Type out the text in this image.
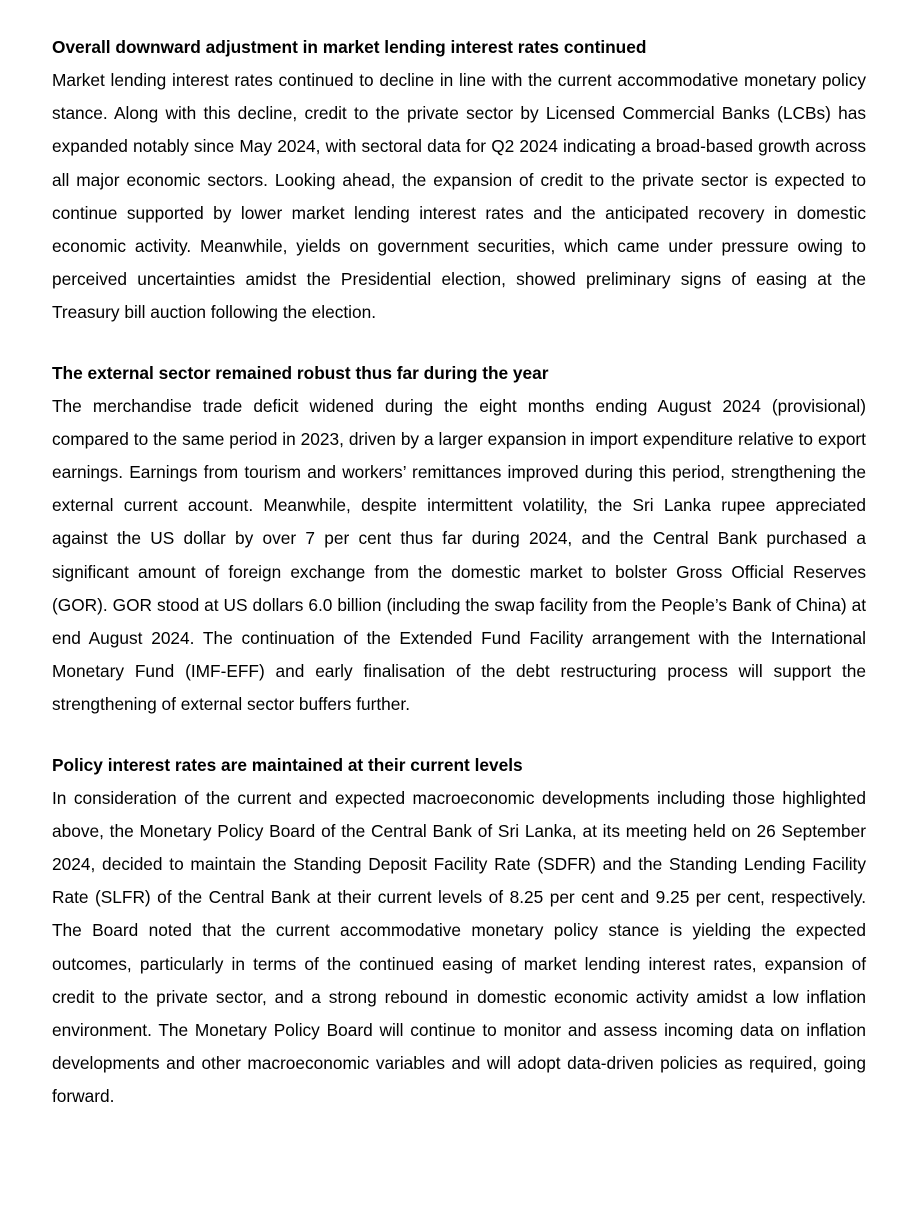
Overall downward adjustment in market lending interest rates continued

Market lending interest rates continued to decline in line with the current accommodative monetary policy stance. Along with this decline, credit to the private sector by Licensed Commercial Banks (LCBs) has expanded notably since May 2024, with sectoral data for Q2 2024 indicating a broad-based growth across all major economic sectors. Looking ahead, the expansion of credit to the private sector is expected to continue supported by lower market lending interest rates and the anticipated recovery in domestic economic activity. Meanwhile, yields on government securities, which came under pressure owing to perceived uncertainties amidst the Presidential election, showed preliminary signs of easing at the Treasury bill auction following the election.

The external sector remained robust thus far during the year

The merchandise trade deficit widened during the eight months ending August 2024 (provisional) compared to the same period in 2023, driven by a larger expansion in import expenditure relative to export earnings. Earnings from tourism and workers’ remittances improved during this period, strengthening the external current account. Meanwhile, despite intermittent volatility, the Sri Lanka rupee appreciated against the US dollar by over 7 per cent thus far during 2024, and the Central Bank purchased a significant amount of foreign exchange from the domestic market to bolster Gross Official Reserves (GOR). GOR stood at US dollars 6.0 billion (including the swap facility from the People’s Bank of China) at end August 2024. The continuation of the Extended Fund Facility arrangement with the International Monetary Fund (IMF-EFF) and early finalisation of the debt restructuring process will support the strengthening of external sector buffers further.

Policy interest rates are maintained at their current levels

In consideration of the current and expected macroeconomic developments including those highlighted above, the Monetary Policy Board of the Central Bank of Sri Lanka, at its meeting held on 26 September 2024, decided to maintain the Standing Deposit Facility Rate (SDFR) and the Standing Lending Facility Rate (SLFR) of the Central Bank at their current levels of 8.25 per cent and 9.25 per cent, respectively. The Board noted that the current accommodative monetary policy stance is yielding the expected outcomes, particularly in terms of the continued easing of market lending interest rates, expansion of credit to the private sector, and a strong rebound in domestic economic activity amidst a low inflation environment. The Monetary Policy Board will continue to monitor and assess incoming data on inflation developments and other macroeconomic variables and will adopt data-driven policies as required, going forward.
